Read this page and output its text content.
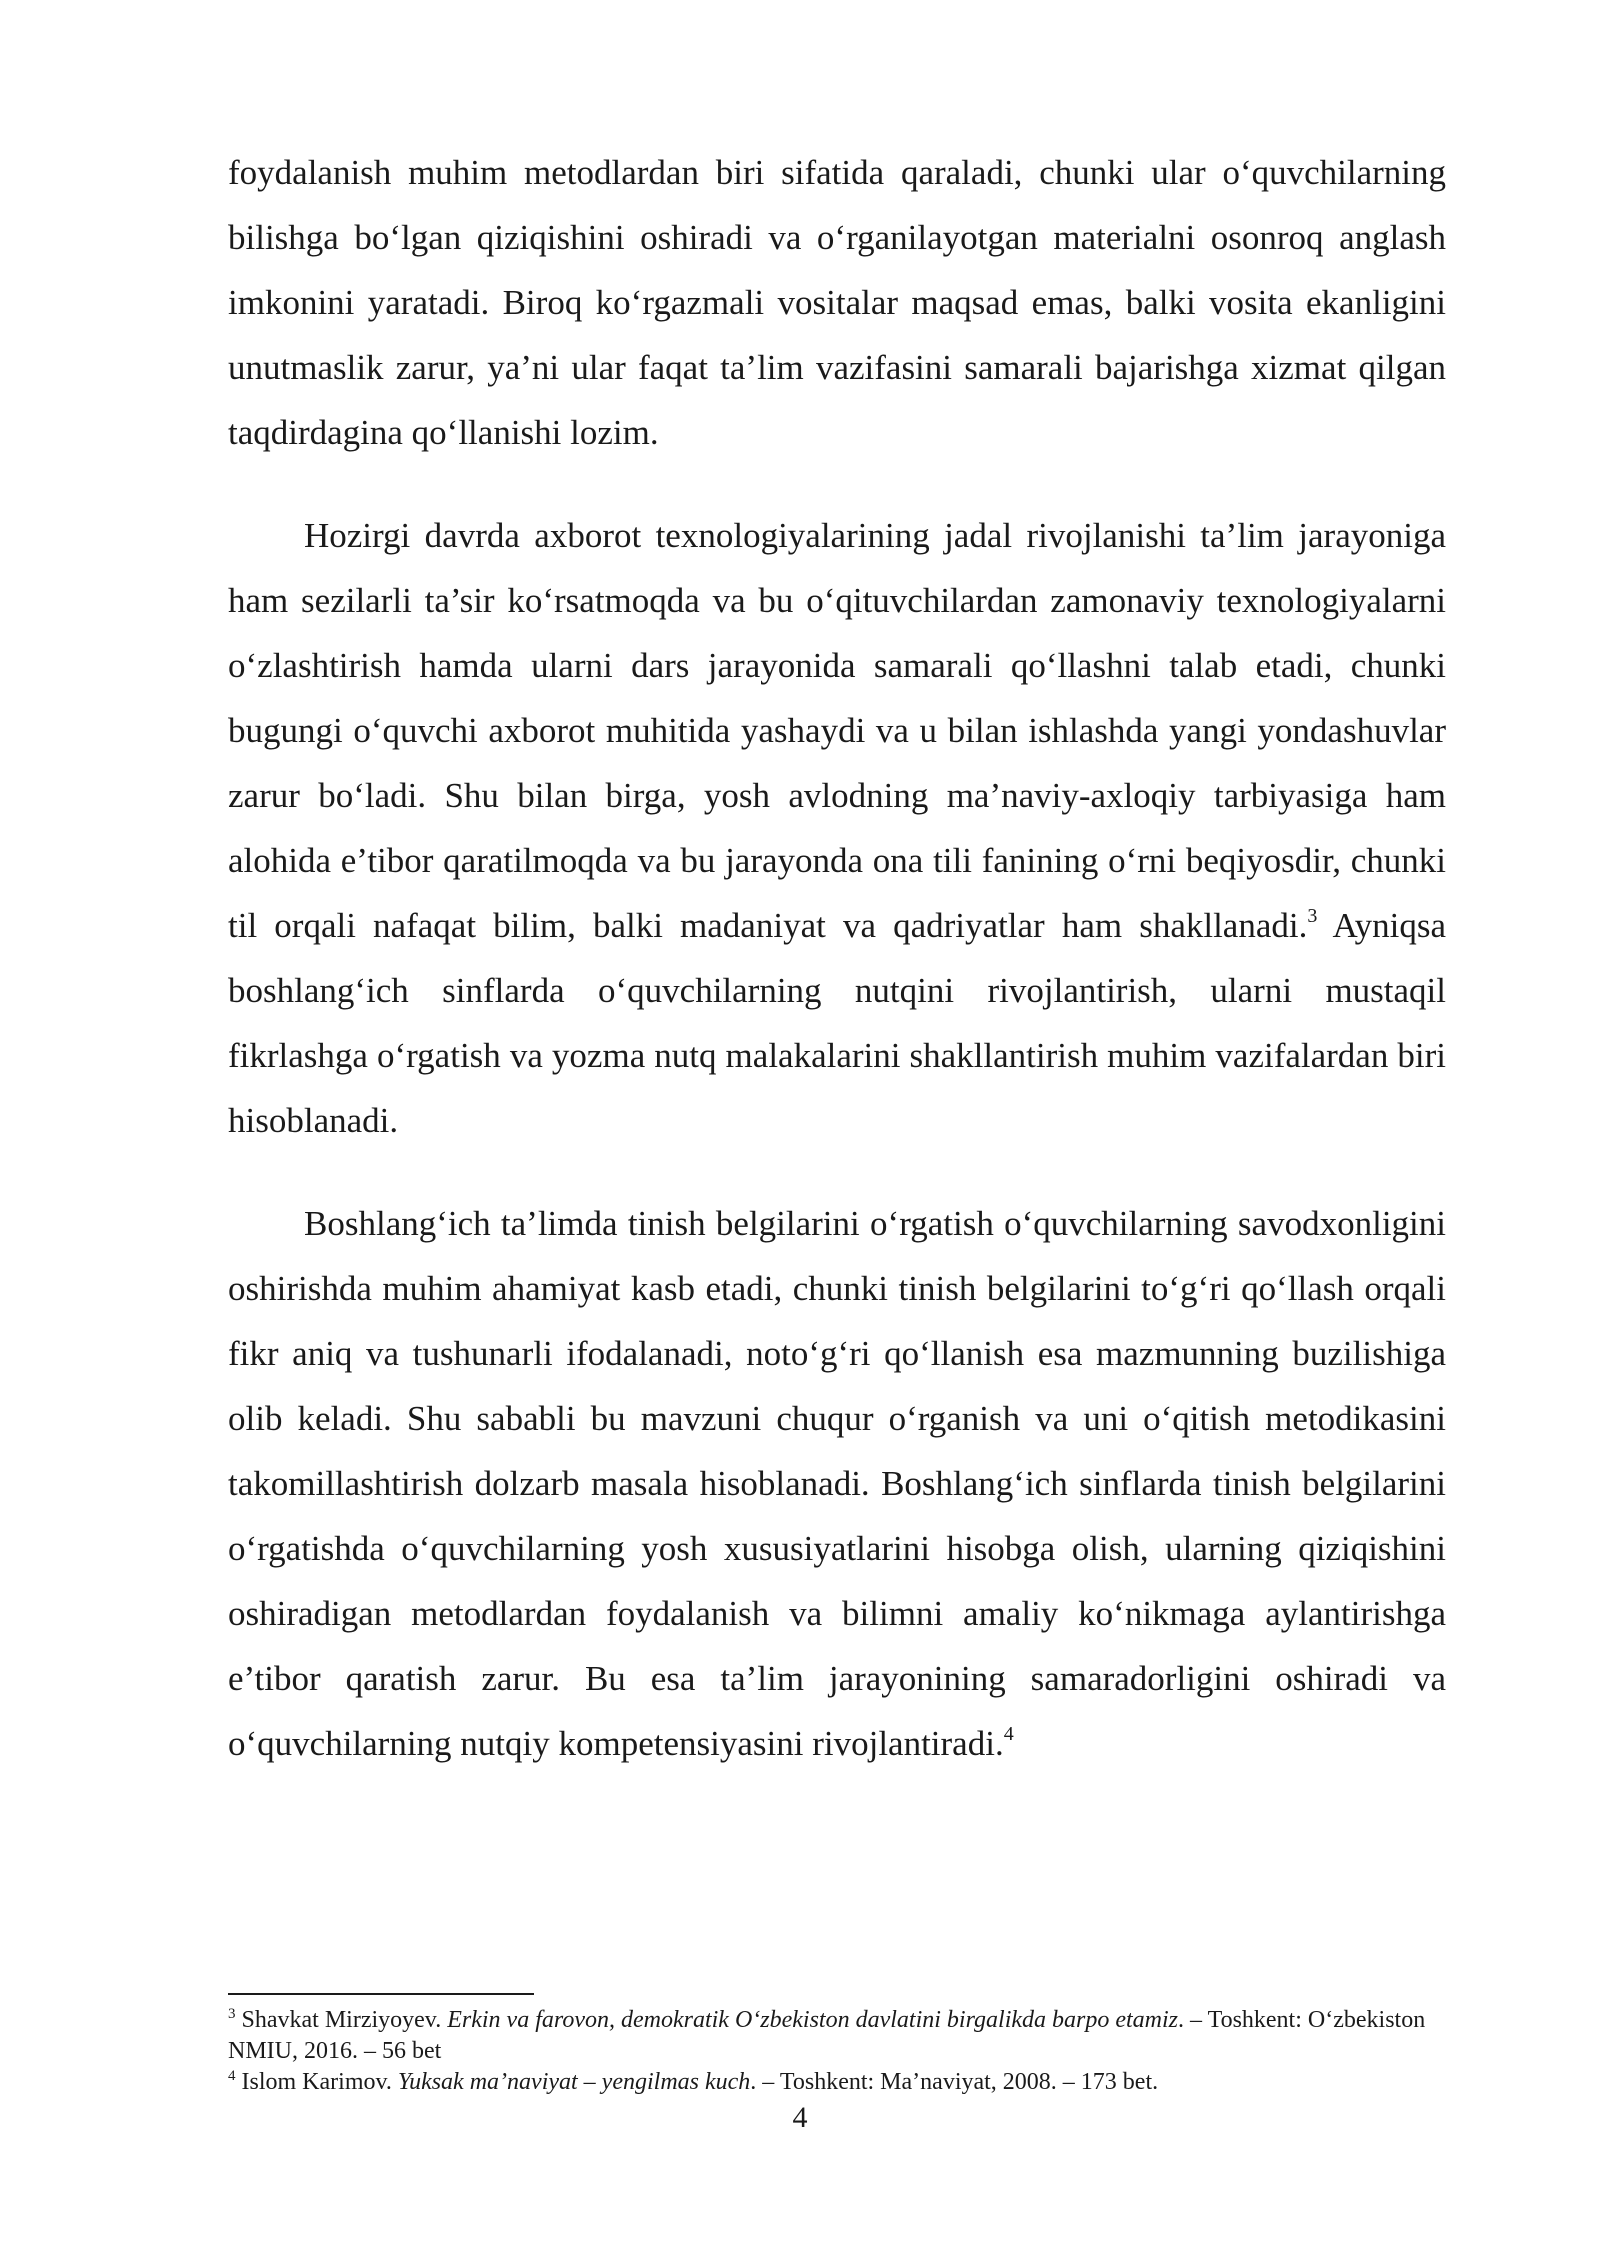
foydalanish muhim metodlardan biri sifatida qaraladi, chunki ular oʻquvchilarning bilishga boʻlgan qiziqishini oshiradi va oʻrganilayotgan materialni osonroq anglash imkonini yaratadi. Biroq koʻrgazmali vositalar maqsad emas, balki vosita ekanligini unutmaslik zarur, ya’ni ular faqat ta’lim vazifasini samarali bajarishga xizmat qilgan taqdirdagina qoʻllanishi lozim.

Hozirgi davrda axborot texnologiyalarining jadal rivojlanishi ta’lim jarayoniga ham sezilarli ta’sir koʻrsatmoqda va bu oʻqituvchilardan zamonaviy texnologiyalarni oʻzlashtirish hamda ularni dars jarayonida samarali qoʻllashni talab etadi, chunki bugungi oʻquvchi axborot muhitida yashaydi va u bilan ishlashda yangi yondashuvlar zarur boʻladi. Shu bilan birga, yosh avlodning ma’naviy-axloqiy tarbiyasiga ham alohida e’tibor qaratilmoqda va bu jarayonda ona tili fanining oʻrni beqiyosdir, chunki til orqali nafaqat bilim, balki madaniyat va qadriyatlar ham shakllanadi.$^3$ Ayniqsa boshlangʻich sinflarda oʻquvchilarning nutqini rivojlantirish, ularni mustaqil fikrlashga oʻrgatish va yozma nutq malakalarini shakllantirish muhim vazifalardan biri hisoblanadi.

Boshlangʻich ta’limda tinish belgilarini oʻrgatish oʻquvchilarning savodxonligini oshirishda muhim ahamiyat kasb etadi, chunki tinish belgilarini toʻgʻri qoʻllash orqali fikr aniq va tushunarli ifodalanadi, notoʻgʻri qoʻllanish esa mazmunning buzilishiga olib keladi. Shu sababli bu mavzuni chuqur oʻrganish va uni oʻqitish metodikasini takomillashtirish dolzarb masala hisoblanadi. Boshlangʻich sinflarda tinish belgilarini oʻrgatishda oʻquvchilarning yosh xususiyatlarini hisobga olish, ularning qiziqishini oshiradigan metodlardan foydalanish va bilimni amaliy koʻnikmaga aylantirishga e’tibor qaratish zarur. Bu esa ta’lim jarayonining samaradorligini oshiradi va oʻquvchilarning nutqiy kompetensiyasini rivojlantiradi.$^4$

$^3$ Shavkat Mirziyoyev. Erkin va farovon, demokratik Oʻzbekiston davlatini birgalikda barpo etamiz. – Toshkent: Oʻzbekiston NMIU, 2016. – 56 bet

$^4$ Islom Karimov. Yuksak ma’naviyat – yengilmas kuch. – Toshkent: Ma’naviyat, 2008. – 173 bet.

4
